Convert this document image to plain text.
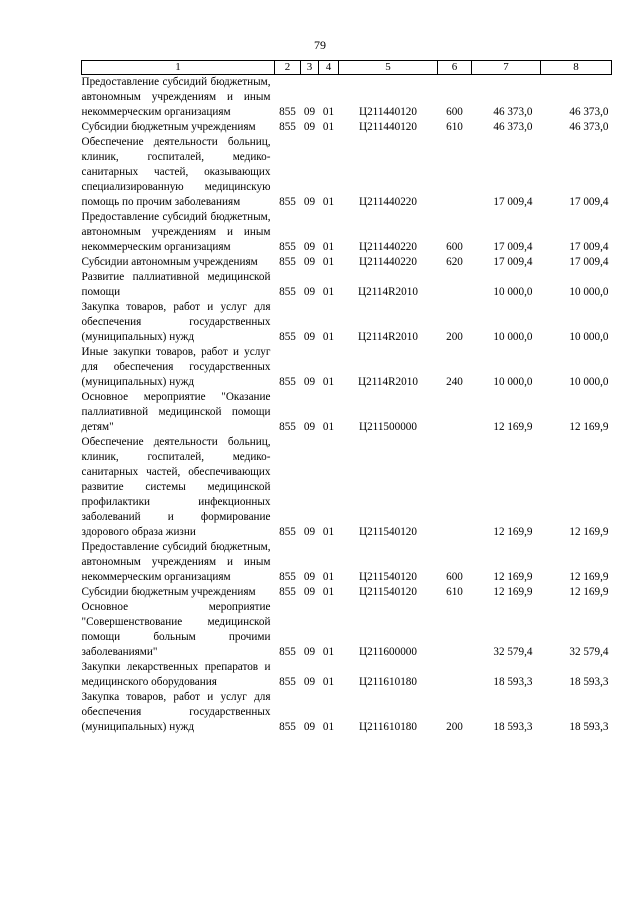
79
1	2	3	4	5	6	7	8
Предоставление субсидий бюджетным, автономным учреждениям и иным некоммерческим организациям	855	09	01	Ц211440120	600	46 373,0	46 373,0
Субсидии бюджетным учреждениям	855	09	01	Ц211440120	610	46 373,0	46 373,0
Обеспечение деятельности больниц, клиник, госпиталей, медико-санитарных частей, оказывающих специализированную медицинскую помощь по прочим заболеваниям	855	09	01	Ц211440220		17 009,4	17 009,4
Предоставление субсидий бюджетным, автономным учреждениям и иным некоммерческим организациям	855	09	01	Ц211440220	600	17 009,4	17 009,4
Субсидии автономным учреждениям	855	09	01	Ц211440220	620	17 009,4	17 009,4
Развитие паллиативной медицинской помощи	855	09	01	Ц2114R2010		10 000,0	10 000,0
Закупка товаров, работ и услуг для обеспечения государственных (муниципальных) нужд	855	09	01	Ц2114R2010	200	10 000,0	10 000,0
Иные закупки товаров, работ и услуг для обеспечения государственных (муниципальных) нужд	855	09	01	Ц2114R2010	240	10 000,0	10 000,0
Основное мероприятие "Оказание паллиативной медицинской помощи детям"	855	09	01	Ц211500000		12 169,9	12 169,9
Обеспечение деятельности больниц, клиник, госпиталей, медико-санитарных частей, обеспечивающих развитие системы медицинской профилактики инфекционных заболеваний и формирование здорового образа жизни	855	09	01	Ц211540120		12 169,9	12 169,9
Предоставление субсидий бюджетным, автономным учреждениям и иным некоммерческим организациям	855	09	01	Ц211540120	600	12 169,9	12 169,9
Субсидии бюджетным учреждениям	855	09	01	Ц211540120	610	12 169,9	12 169,9
Основное мероприятие "Совершенствование медицинской помощи больным прочими заболеваниями"	855	09	01	Ц211600000		32 579,4	32 579,4
Закупки лекарственных препаратов и медицинского оборудования	855	09	01	Ц211610180		18 593,3	18 593,3
Закупка товаров, работ и услуг для обеспечения государственных (муниципальных) нужд	855	09	01	Ц211610180	200	18 593,3	18 593,3
